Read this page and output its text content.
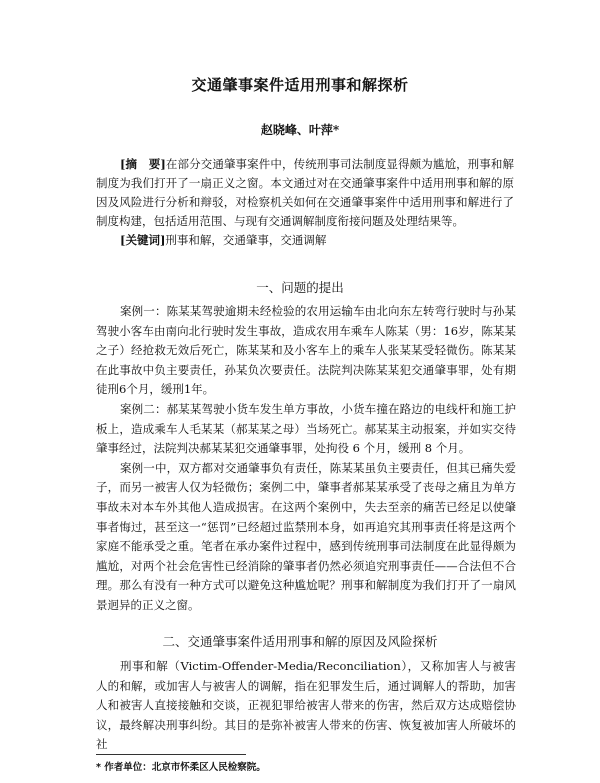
交通肇事案件适用刑事和解探析
赵晓峰、叶萍*

[摘　要]在部分交通肇事案件中，传统刑事司法制度显得颇为尴尬，刑事和解制度为我们打开了一扇正义之窗。本文通过对在交通肇事案件中适用刑事和解的原因及风险进行分析和辩驳，对检察机关如何在交通肇事案件中适用刑事和解进行了制度构建，包括适用范围、与现有交通调解制度衔接问题及处理结果等。

[关键词]刑事和解，交通肇事，交通调解

一、问题的提出

案例一：陈某某驾驶逾期未经检验的农用运输车由北向东左转弯行驶时与孙某驾驶小客车由南向北行驶时发生事故，造成农用车乘车人陈某（男：16岁，陈某某之子）经抢救无效后死亡，陈某某和及小客车上的乘车人张某某受轻微伤。陈某某在此事故中负主要责任，孙某负次要责任。法院判决陈某某犯交通肇事罪，处有期徒刑6个月，缓刑1年。

案例二：郝某某驾驶小货车发生单方事故，小货车撞在路边的电线杆和施工护板上，造成乘车人毛某某（郝某某之母）当场死亡。郝某某主动报案，并如实交待肇事经过，法院判决郝某某犯交通肇事罪，处拘役 6 个月，缓刑 8 个月。

案例一中，双方都对交通肇事负有责任，陈某某虽负主要责任，但其已痛失爱子，而另一被害人仅为轻微伤；案例二中，肇事者郝某某承受了丧母之痛且为单方事故未对本车外其他人造成损害。在这两个案例中，失去至亲的痛苦已经足以使肇事者悔过，甚至这一“惩罚”已经超过监禁刑本身，如再追究其刑事责任将是这两个家庭不能承受之重。笔者在承办案件过程中，感到传统刑事司法制度在此显得颇为尴尬，对两个社会危害性已经消除的肇事者仍然必须追究刑事责任——合法但不合理。那么有没有一种方式可以避免这种尴尬呢？刑事和解制度为我们打开了一扇风景迥异的正义之窗。

二、交通肇事案件适用刑事和解的原因及风险探析

刑事和解（Victim-Offender-Media/Reconciliation），又称加害人与被害人的和解，或加害人与被害人的调解，指在犯罪发生后，通过调解人的帮助，加害人和被害人直接接触和交谈，正视犯罪给被害人带来的伤害，然后双方达成赔偿协议，最终解决刑事纠纷。其目的是弥补被害人带来的伤害、恢复被加害人所破坏的社

* 作者单位：北京市怀柔区人民检察院。
